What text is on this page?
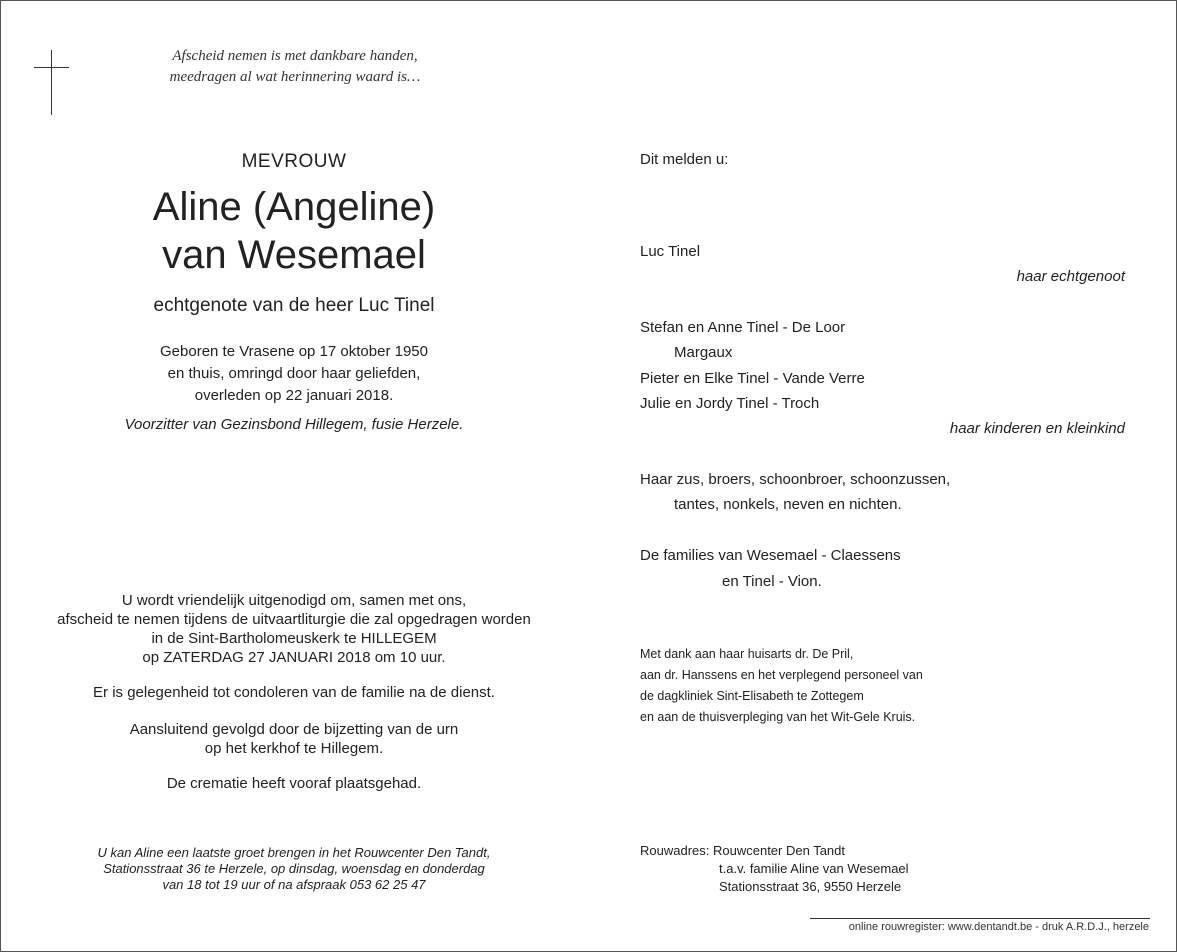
Afscheid nemen is met dankbare handen,
meedragen al wat herinnering waard is…
MEVROUW
Aline (Angeline)
van Wesemael
echtgenote van de heer Luc Tinel
Geboren te Vrasene op 17 oktober 1950
en thuis, omringd door haar geliefden,
overleden op 22 januari 2018.
Voorzitter van Gezinsbond Hillegem, fusie Herzele.
U wordt vriendelijk uitgenodigd om, samen met ons,
afscheid te nemen tijdens de uitvaartliturgie die zal opgedragen worden
in de Sint-Bartholomeuskerk te HILLEGEM
op ZATERDAG 27 JANUARI 2018 om 10 uur.
Er is gelegenheid tot condoleren van de familie na de dienst.
Aansluitend gevolgd door de bijzetting van de urn
op het kerkhof te Hillegem.
De crematie heeft vooraf plaatsgehad.
U kan Aline een laatste groet brengen in het Rouwcenter Den Tandt,
Stationsstraat 36 te Herzele, op dinsdag, woensdag en donderdag
van 18 tot 19 uur of na afspraak 053 62 25 47
Dit melden u:
Luc Tinel
haar echtgenoot
Stefan en Anne Tinel - De Loor
Margaux
Pieter en Elke Tinel - Vande Verre
Julie en Jordy Tinel - Troch
haar kinderen en kleinkind
Haar zus, broers, schoonbroer, schoonzussen,
tantes, nonkels, neven en nichten.
De families van Wesemael - Claessens
en Tinel - Vion.
Met dank aan haar huisarts dr. De Pril,
aan dr. Hanssens en het verplegend personeel van
de dagkliniek Sint-Elisabeth te Zottegem
en aan de thuisverpleging van het Wit-Gele Kruis.
Rouwadres: Rouwcenter Den Tandt
t.a.v. familie Aline van Wesemael
Stationsstraat 36, 9550 Herzele
online rouwregister: www.dentandt.be - druk A.R.D.J., herzele
